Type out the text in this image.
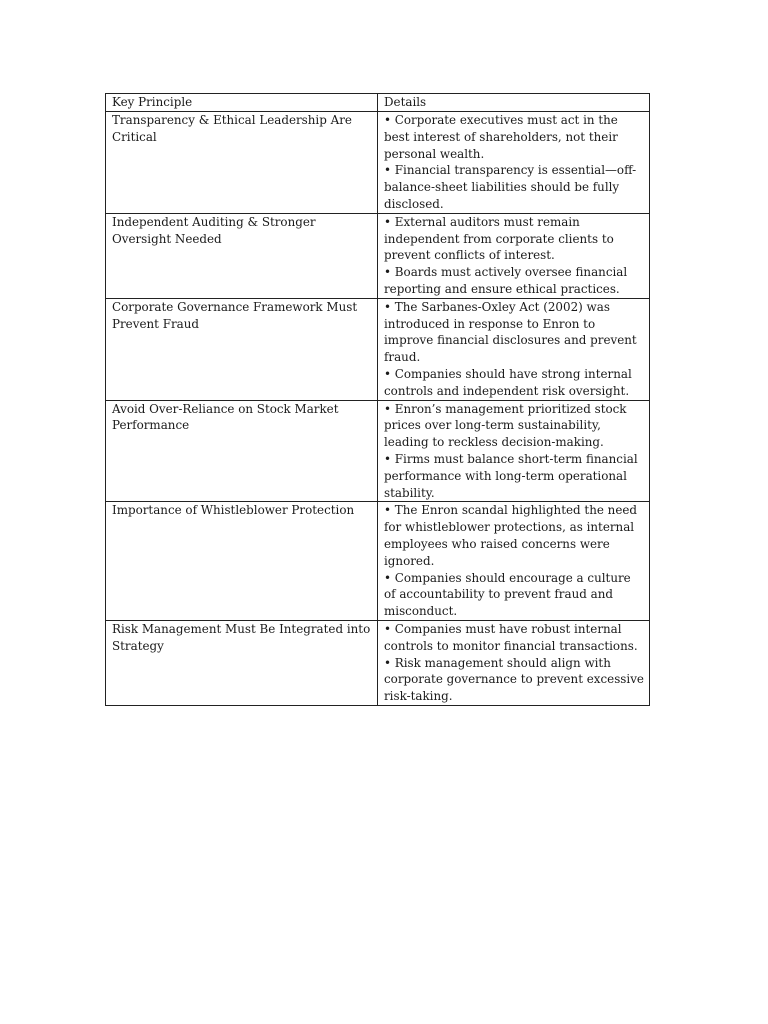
Key Principle	Details
Transparency & Ethical Leadership Are Critical	• Corporate executives must act in the best interest of shareholders, not their personal wealth.
• Financial transparency is essential—off-balance-sheet liabilities should be fully disclosed.

Independent Auditing & Stronger Oversight Needed	• External auditors must remain independent from corporate clients to prevent conflicts of interest.
• Boards must actively oversee financial reporting and ensure ethical practices.

Corporate Governance Framework Must Prevent Fraud	• The Sarbanes-Oxley Act (2002) was introduced in response to Enron to improve financial disclosures and prevent fraud.
• Companies should have strong internal controls and independent risk oversight.

Avoid Over-Reliance on Stock Market Performance	• Enron’s management prioritized stock prices over long-term sustainability, leading to reckless decision-making.
• Firms must balance short-term financial performance with long-term operational stability.

Importance of Whistleblower Protection	• The Enron scandal highlighted the need for whistleblower protections, as internal employees who raised concerns were ignored.
• Companies should encourage a culture of accountability to prevent fraud and misconduct.

Risk Management Must Be Integrated into Strategy	• Companies must have robust internal controls to monitor financial transactions.
• Risk management should align with corporate governance to prevent excessive risk-taking.
